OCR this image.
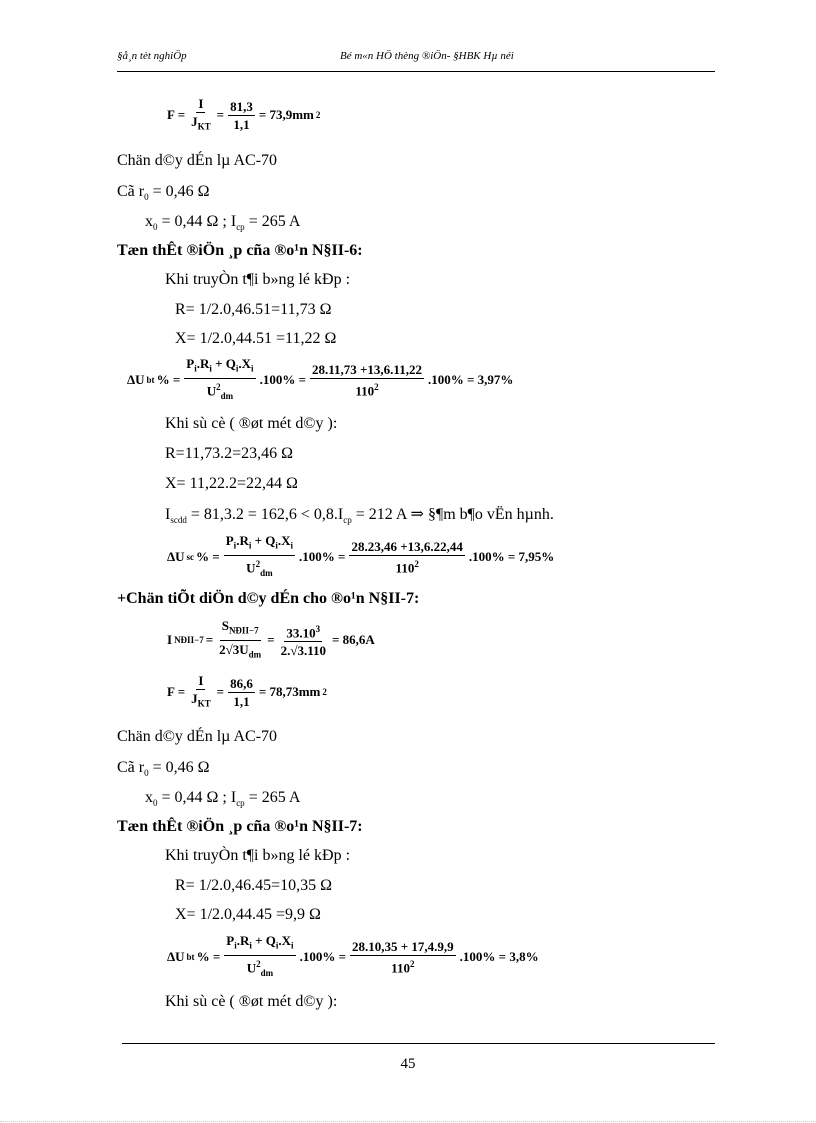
§å¸n tèt nghiÖp	Bé m«n HÖ thèng ®iÖn- §HBK Hµ néi
$F = \frac{I}{J_{KT}} = \frac{81,3}{1,1} = 73,9mm$ 2
Chän d©y dÉn lµ AC-70
Cã $r_0 = 0,46$ Ω
$x_0 = 0,44$ Ω ; $I_{cp} = 265$ A
Tæn thÊt ®iÖn ¸p cña ®o¹n N§II-6:
Khi truyÒn t¶i b»ng lé kÐp :
R= 1/2.0,46.51=11,73 Ω
X= 1/2.0,44.51 =11,22 Ω
ΔU bt % = $\frac{P_i.R_i + Q_i.X_i}{U^2_{dm}} .100\% = \frac{28.11,73 +13,6.11,22}{110^2} .100\% = 3,97\%$
Khi sù cè ( ®øt mét d©y ):
R=11,73.2=23,46 Ω
X= 11,22.2=22,44 Ω
$I_{scdd} = 81,3.2 = 162,6 < 0,8.I_{cp} = 212$ A ⇒ §¶m b¶o vËn hµnh.
ΔU sc % = $\frac{P_i.R_i + Q_i.X_i}{U^2_{dm}} .100\% = \frac{28.23,46 +13,6.22,44}{110^2} .100\% = 7,95\%$
+Chän tiÕt diÖn d©y dÉn cho ®o¹n N§II-7:
I NĐII−7 = $\frac{S_{NĐII-7}}{2√3U_{dm}} = \frac{33.10^3}{2.√3.110} = 86,6A$
$F = \frac{I}{J_{KT}} = \frac{86,6}{1,1} = 78,73mm$ 2
Chän d©y dÉn lµ AC-70
Cã $r_0 = 0,46$ Ω
$x_0 = 0,44$ Ω ; $I_{cp} = 265$ A
Tæn thÊt ®iÖn ¸p cña ®o¹n N§II-7:
Khi truyÒn t¶i b»ng lé kÐp :
R= 1/2.0,46.45=10,35 Ω
X= 1/2.0,44.45 =9,9 Ω
ΔU bt % = $\frac{P_i.R_i + Q_i.X_i}{U^2_{dm}} .100\% = \frac{28.10,35 + 17,4.9,9}{110^2} .100\% = 3,8\%$
Khi sù cè ( ®øt mét d©y ):
45
